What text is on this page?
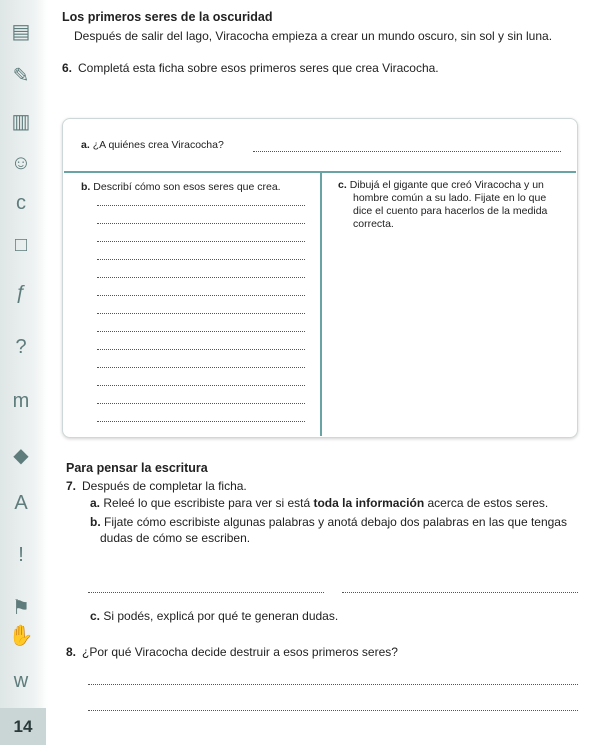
▤
✎
▥
☺
c
□
ƒ
?
m
◆
A
!
⚑
✋
w
14

Los primeros seres de la oscuridad

Después de salir del lago, Viracocha empieza a crear un mundo oscuro, sin sol y sin luna.

6. Completá esta ficha sobre esos primeros seres que crea Viracocha.

a. ¿A quiénes crea Viracocha?
b. Describí cómo son esos seres que crea.	c. Dibujá el gigante que creó Viracocha y un hombre común a su lado. Fijate en lo que dice el cuento para hacerlos de la medida correcta.

Para pensar la escritura

7. Después de completar la ficha.

a. Releé lo que escribiste para ver si está toda la información acerca de estos seres.

b. Fijate cómo escribiste algunas palabras y anotá debajo dos palabras en las que tengas dudas de cómo se escriben.

c. Si podés, explicá por qué te generan dudas.

8. ¿Por qué Viracocha decide destruir a esos primeros seres?
